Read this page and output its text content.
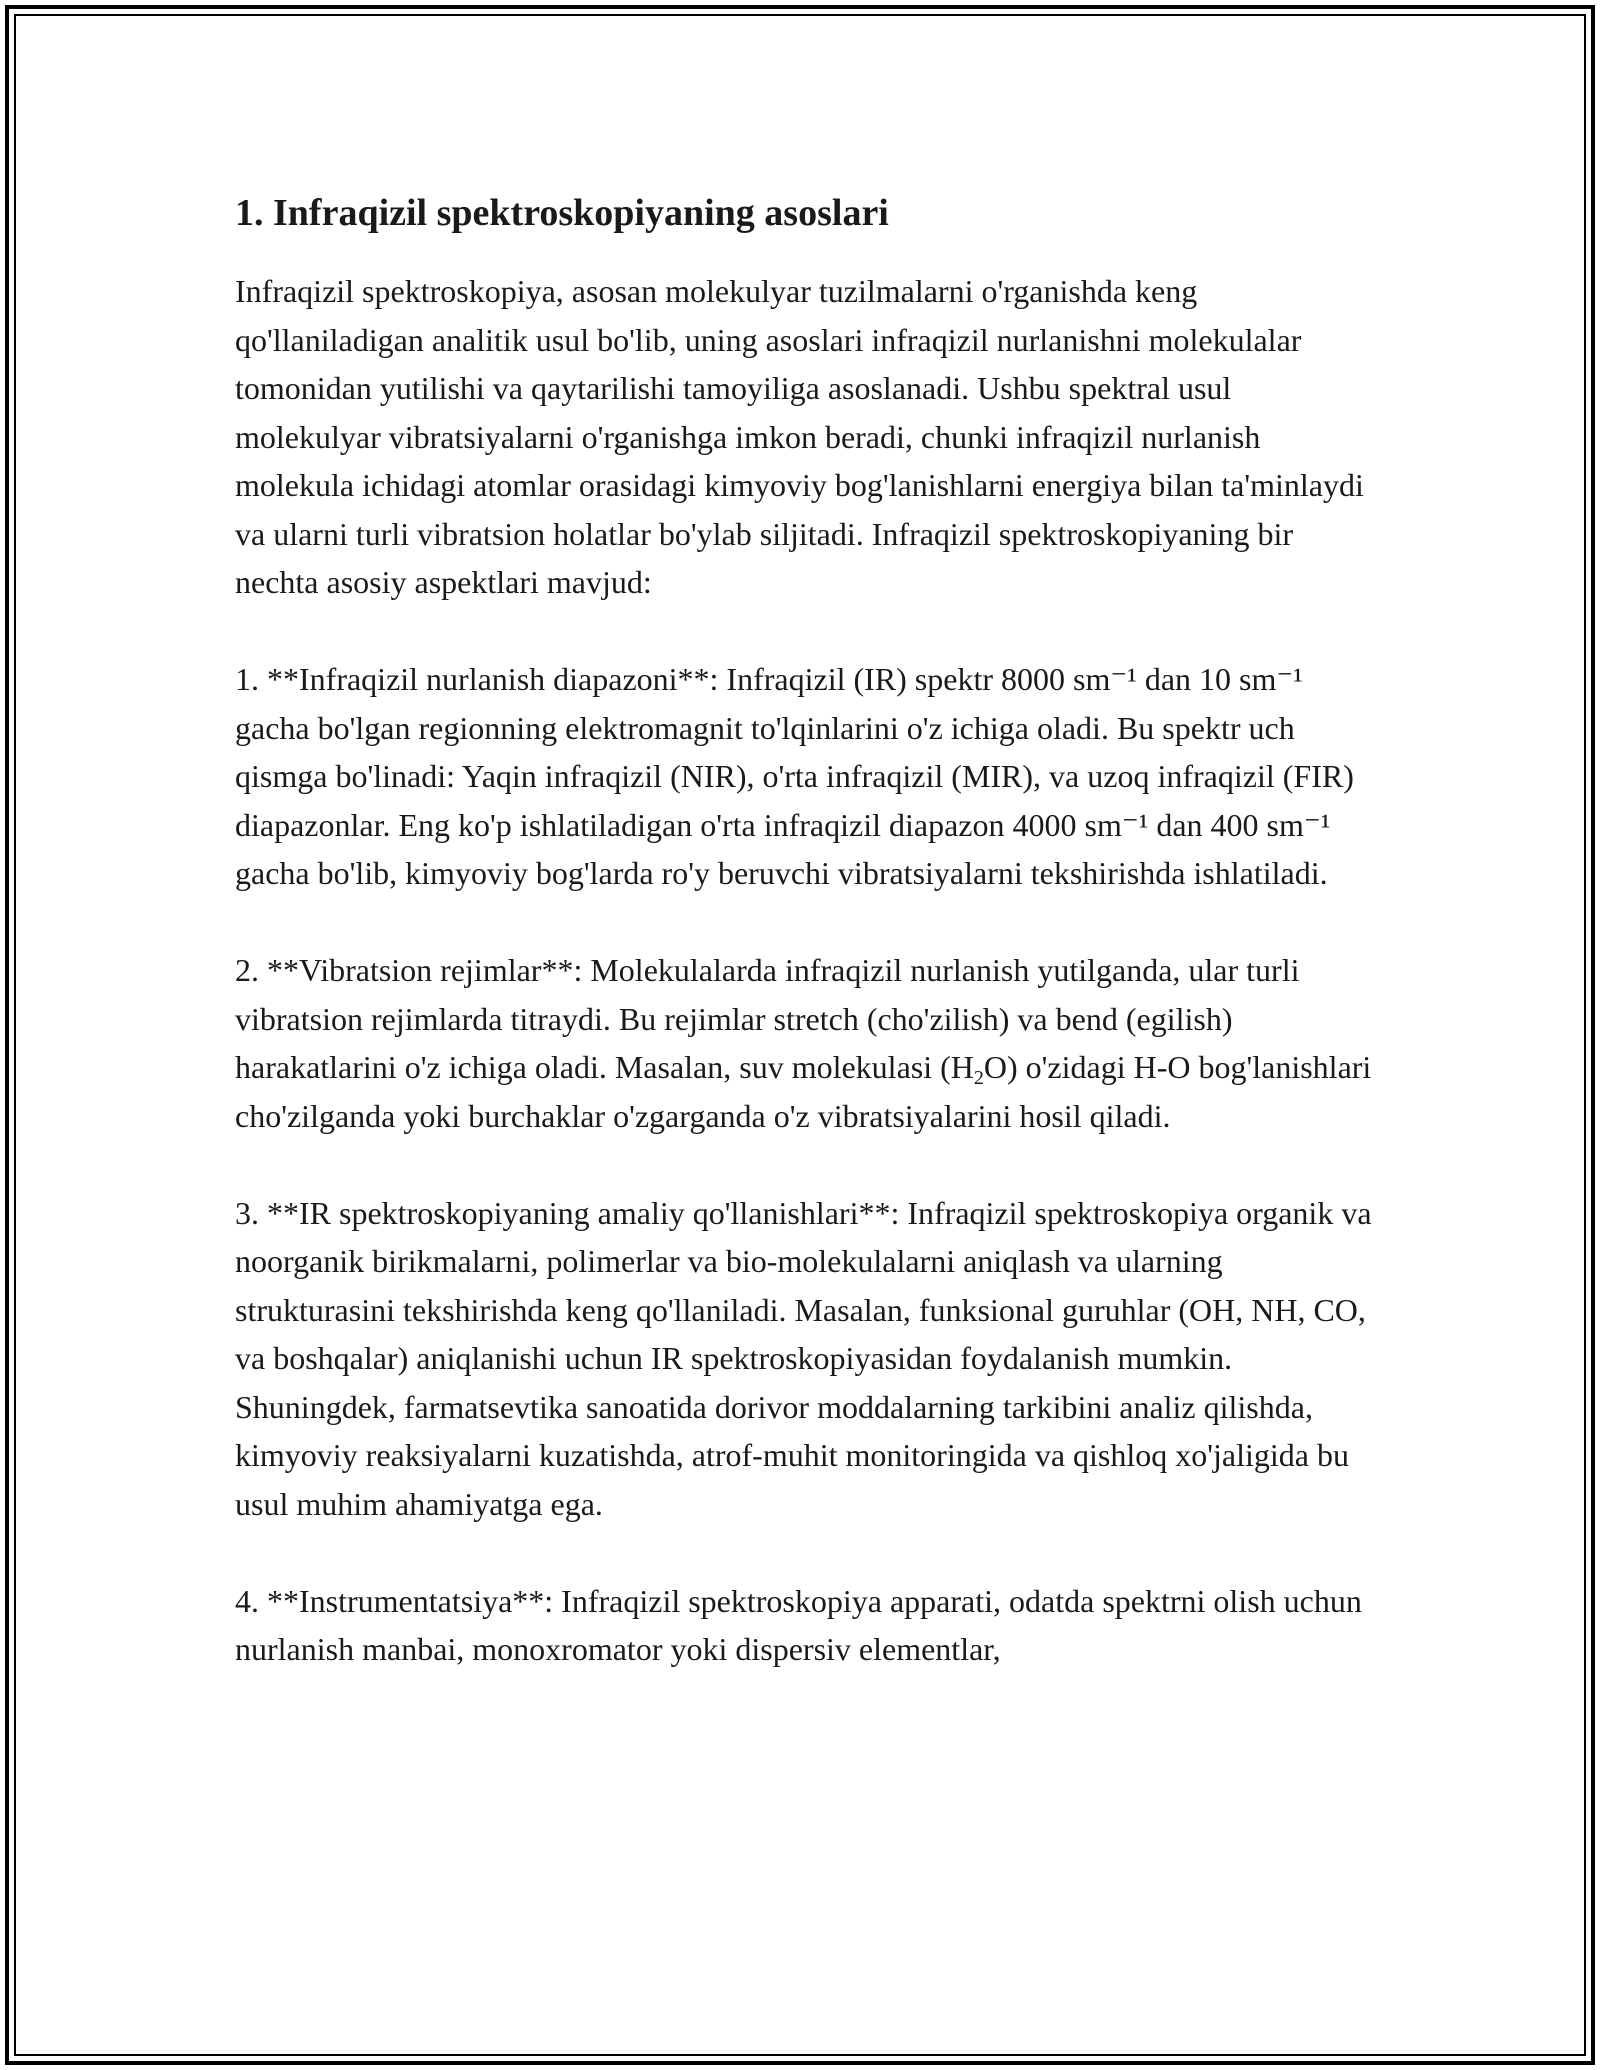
1. Infraqizil spektroskopiyaning asoslari

Infraqizil spektroskopiya, asosan molekulyar tuzilmalarni o'rganishda keng qo'llaniladigan analitik usul bo'lib, uning asoslari infraqizil nurlanishni molekulalar tomonidan yutilishi va qaytarilishi tamoyiliga asoslanadi. Ushbu spektral usul molekulyar vibratsiyalarni o'rganishga imkon beradi, chunki infraqizil nurlanish molekula ichidagi atomlar orasidagi kimyoviy bog'lanishlarni energiya bilan ta'minlaydi va ularni turli vibratsion holatlar bo'ylab siljitadi. Infraqizil spektroskopiyaning bir nechta asosiy aspektlari mavjud:

1. **Infraqizil nurlanish diapazoni**: Infraqizil (IR) spektr 8000 sm⁻¹ dan 10 sm⁻¹ gacha bo'lgan regionning elektromagnit to'lqinlarini o'z ichiga oladi. Bu spektr uch qismga bo'linadi: Yaqin infraqizil (NIR), o'rta infraqizil (MIR), va uzoq infraqizil (FIR) diapazonlar. Eng ko'p ishlatiladigan o'rta infraqizil diapazon 4000 sm⁻¹ dan 400 sm⁻¹ gacha bo'lib, kimyoviy bog'larda ro'y beruvchi vibratsiyalarni tekshirishda ishlatiladi.

2. **Vibratsion rejimlar**: Molekulalarda infraqizil nurlanish yutilganda, ular turli vibratsion rejimlarda titraydi. Bu rejimlar stretch (cho'zilish) va bend (egilish) harakatlarini o'z ichiga oladi. Masalan, suv molekulasi $(H_2O)$ o'zidagi H-O bog'lanishlari cho'zilganda yoki burchaklar o'zgarganda o'z vibratsiyalarini hosil qiladi.

3. **IR spektroskopiyaning amaliy qo'llanishlari**: Infraqizil spektroskopiya organik va noorganik birikmalarni, polimerlar va bio-molekulalarni aniqlash va ularning strukturasini tekshirishda keng qo'llaniladi. Masalan, funksional guruhlar (OH, NH, CO, va boshqalar) aniqlanishi uchun IR spektroskopiyasidan foydalanish mumkin. Shuningdek, farmatsevtika sanoatida dorivor moddalarning tarkibini analiz qilishda, kimyoviy reaksiyalarni kuzatishda, atrof-muhit monitoringida va qishloq xo'jaligida bu usul muhim ahamiyatga ega.

4. **Instrumentatsiya**: Infraqizil spektroskopiya apparati, odatda spektrni olish uchun nurlanish manbai, monoxromator yoki dispersiv elementlar,
